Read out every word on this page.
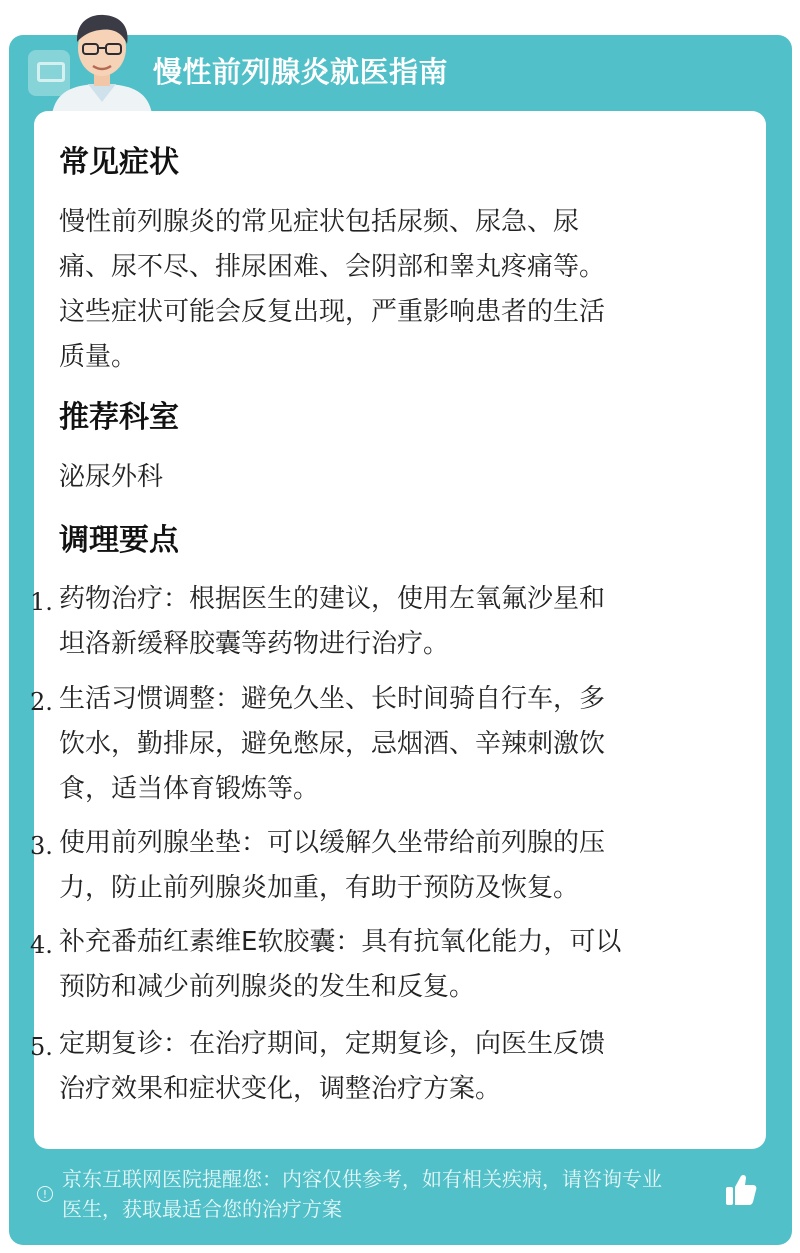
慢性前列腺炎就医指南
常见症状
慢性前列腺炎的常见症状包括尿频、尿急、尿
痛、尿不尽、排尿困难、会阴部和睾丸疼痛等。
这些症状可能会反复出现，严重影响患者的生活
质量。
推荐科室
泌尿外科
调理要点
1. 药物治疗：根据医生的建议，使用左氧氟沙星和
坦洛新缓释胶囊等药物进行治疗。
2. 生活习惯调整：避免久坐、长时间骑自行车，多
饮水，勤排尿，避免憋尿，忌烟酒、辛辣刺激饮
食，适当体育锻炼等。
3. 使用前列腺坐垫：可以缓解久坐带给前列腺的压
力，防止前列腺炎加重，有助于预防及恢复。
4. 补充番茄红素维E软胶囊：具有抗氧化能力，可以
预防和减少前列腺炎的发生和反复。
5. 定期复诊：在治疗期间，定期复诊，向医生反馈
治疗效果和症状变化，调整治疗方案。
!
京东互联网医院提醒您：内容仅供参考，如有相关疾病，请咨询专业
医生，获取最适合您的治疗方案
